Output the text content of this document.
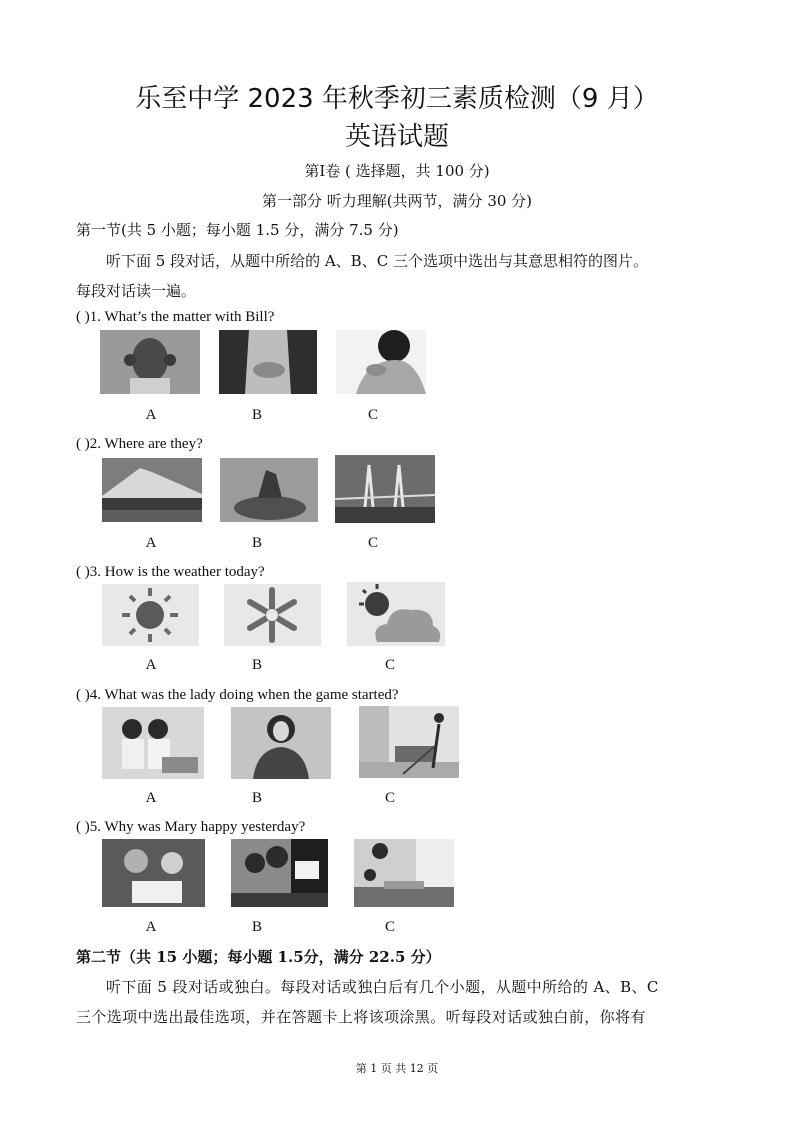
乐至中学 2023 年秋季初三素质检测（9 月）
英语试题
第Ⅰ卷 ( 选择题，共 100 分)
第一部分 听力理解(共两节，满分 30 分)
第一节(共 5 小题；每小题 1.5 分，满分 7.5 分)
听下面 5 段对话，从题中所给的 A、B、C 三个选项中选出与其意思相符的图片。
每段对话读一遍。
( )1. What’s the matter with Bill?
A	B	C
( )2. Where are they?
A	B	C
( )3. How is the weather today?
A	B	C
( )4. What was the lady doing when the game started?
A	B	C
( )5. Why was Mary happy yesterday?
A	B	C
第二节（共 15 小题；每小题 1.5分，满分 22.5 分）
听下面 5 段对话或独白。每段对话或独白后有几个小题，从题中所给的 A、B、C
三个选项中选出最佳选项，并在答题卡上将该项涂黑。听每段对话或独白前，你将有
第 1 页 共 12 页
